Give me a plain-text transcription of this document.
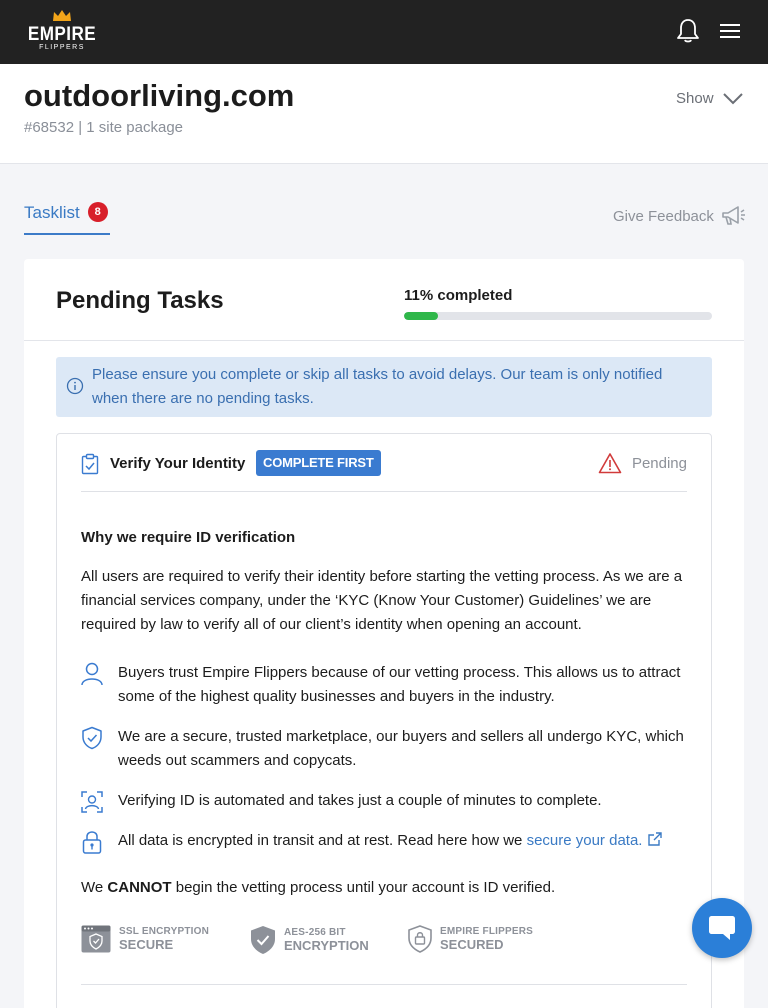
EMPIRE
FLIPPERS
outdoorliving.com
#68532 | 1 site package
Show
Tasklist	8	Give Feedback
Pending Tasks	11% completed
Please ensure you complete or skip all tasks to avoid delays. Our team is only notified when there are no pending tasks.
Verify Your Identity	COMPLETE FIRST	Pending
Why we require ID verification
All users are required to verify their identity before starting the vetting process. As we are a financial services company, under the ‘KYC (Know Your Customer) Guidelines’ we are required by law to verify all of our client’s identity when opening an account.
Buyers trust Empire Flippers because of our vetting process. This allows us to attract some of the highest quality businesses and buyers in the industry.
We are a secure, trusted marketplace, our buyers and sellers all undergo KYC, which weeds out scammers and copycats.
Verifying ID is automated and takes just a couple of minutes to complete.
All data is encrypted in transit and at rest. Read here how we secure your data.
We CANNOT begin the vetting process until your account is ID verified.
SSL ENCRYPTION
SECURE
AES-256 BIT
ENCRYPTION
EMPIRE FLIPPERS
SECURED
